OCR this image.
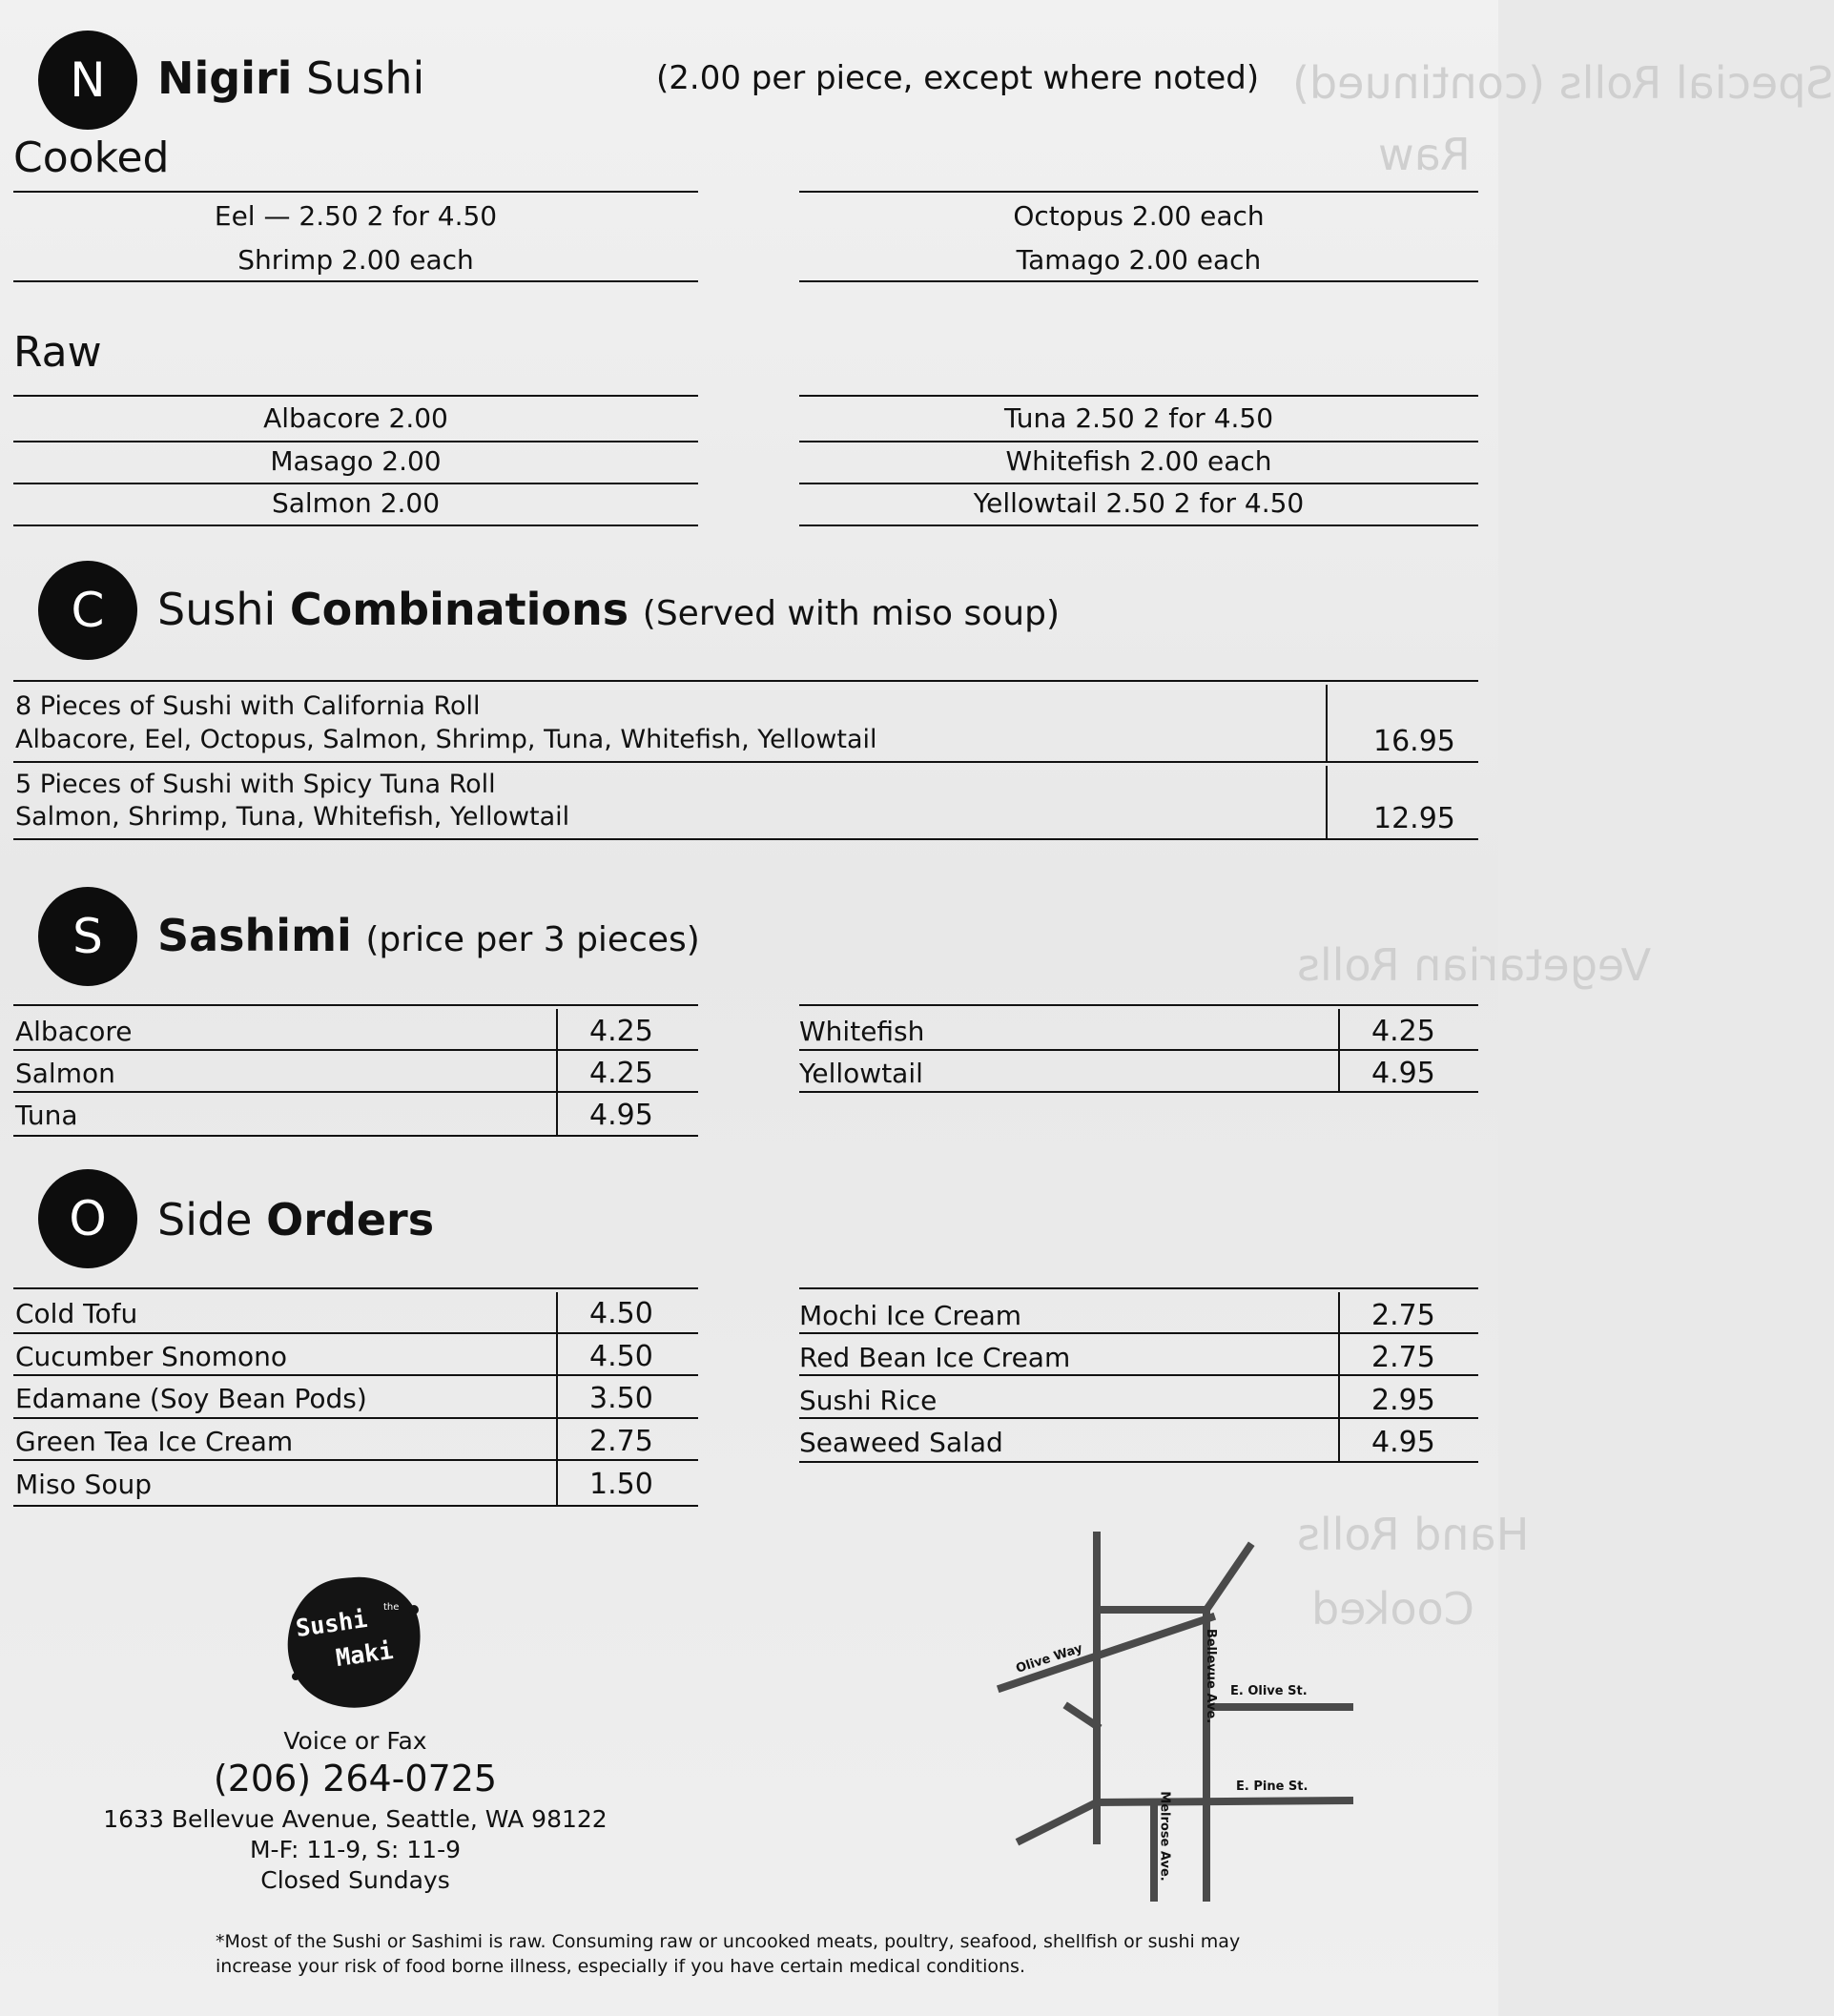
Special Rolls (continued)
Raw
Vegetarian Rolls
Hand Rolls
Cooked
N	Nigiri Sushi	(2.00 per piece, except where noted)
Cooked
Eel — 2.50 2 for 4.50
Shrimp 2.00 each
Octopus 2.00 each
Tamago 2.00 each
Raw
Albacore 2.00
Masago 2.00
Salmon 2.00
Tuna 2.50 2 for 4.50
Whitefish 2.00 each
Yellowtail 2.50 2 for 4.50
C	Sushi Combinations (Served with miso soup)
8 Pieces of Sushi with California Roll
Albacore, Eel, Octopus, Salmon, Shrimp, Tuna, Whitefish, Yellowtail	16.95
5 Pieces of Sushi with Spicy Tuna Roll
Salmon, Shrimp, Tuna, Whitefish, Yellowtail	12.95
S	Sashimi (price per 3 pieces)
Albacore	4.25
Salmon	4.25
Tuna	4.95
Whitefish	4.25
Yellowtail	4.95
O	Side Orders
Cold Tofu	4.50
Cucumber Snomono	4.50
Edamane (Soy Bean Pods)	3.50
Green Tea Ice Cream	2.75
Miso Soup	1.50
Mochi Ice Cream	2.75
Red Bean Ice Cream	2.75
Sushi Rice	2.95
Seaweed Salad	4.95
Sushi the
Maki
Voice or Fax
(206) 264-0725
1633 Bellevue Avenue, Seattle, WA 98122
M-F: 11-9, S: 11-9
Closed Sundays
*Most of the Sushi or Sashimi is raw. Consuming raw or uncooked meats, poultry, seafood, shellfish or sushi may
increase your risk of food borne illness, especially if you have certain medical conditions.
Olive Way	Bellevue Ave. E. Olive St.
E. Pine St.
Melrose Ave.
